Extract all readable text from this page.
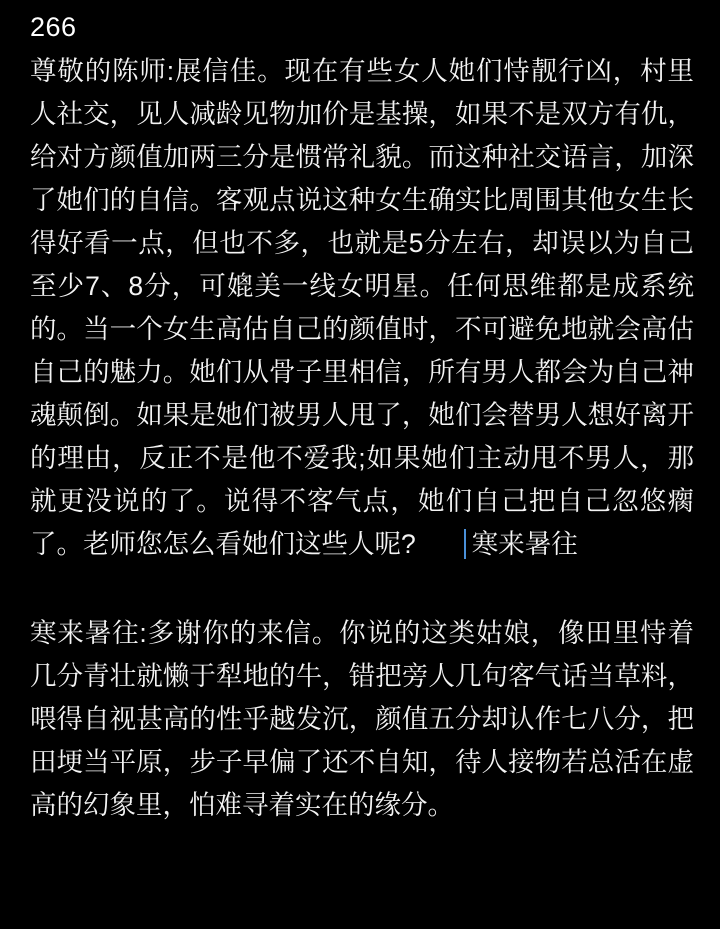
266
尊敬的陈师:展信佳。现在有些女人她们恃靓行凶，村里人社交，见人减龄见物加价是基操，如果不是双方有仇，给对方颜值加两三分是惯常礼貌。而这种社交语言，加深了她们的自信。客观点说这种女生确实比周围其他女生长得好看一点，但也不多，也就是5分左右，却误以为自己至少7、8分，可媲美一线女明星。任何思维都是成系统的。当一个女生高估自己的颜值时，不可避免地就会高估自己的魅力。她们从骨子里相信，所有男人都会为自己神魂颠倒。如果是她们被男人甩了，她们会替男人想好离开的理由，反正不是他不爱我;如果她们主动甩不男人，那就更没说的了。说得不客气点，她们自己把自己忽悠瘸了。老师您怎么看她们这些人呢? 寒来暑往
寒来暑往:多谢你的来信。你说的这类姑娘，像田里恃着几分青壮就懒于犁地的牛，错把旁人几句客气话当草料，喂得自视甚高的性乎越发沉，颜值五分却认作七八分，把田埂当平原，步子早偏了还不自知，待人接物若总活在虚高的幻象里，怕难寻着实在的缘分。
